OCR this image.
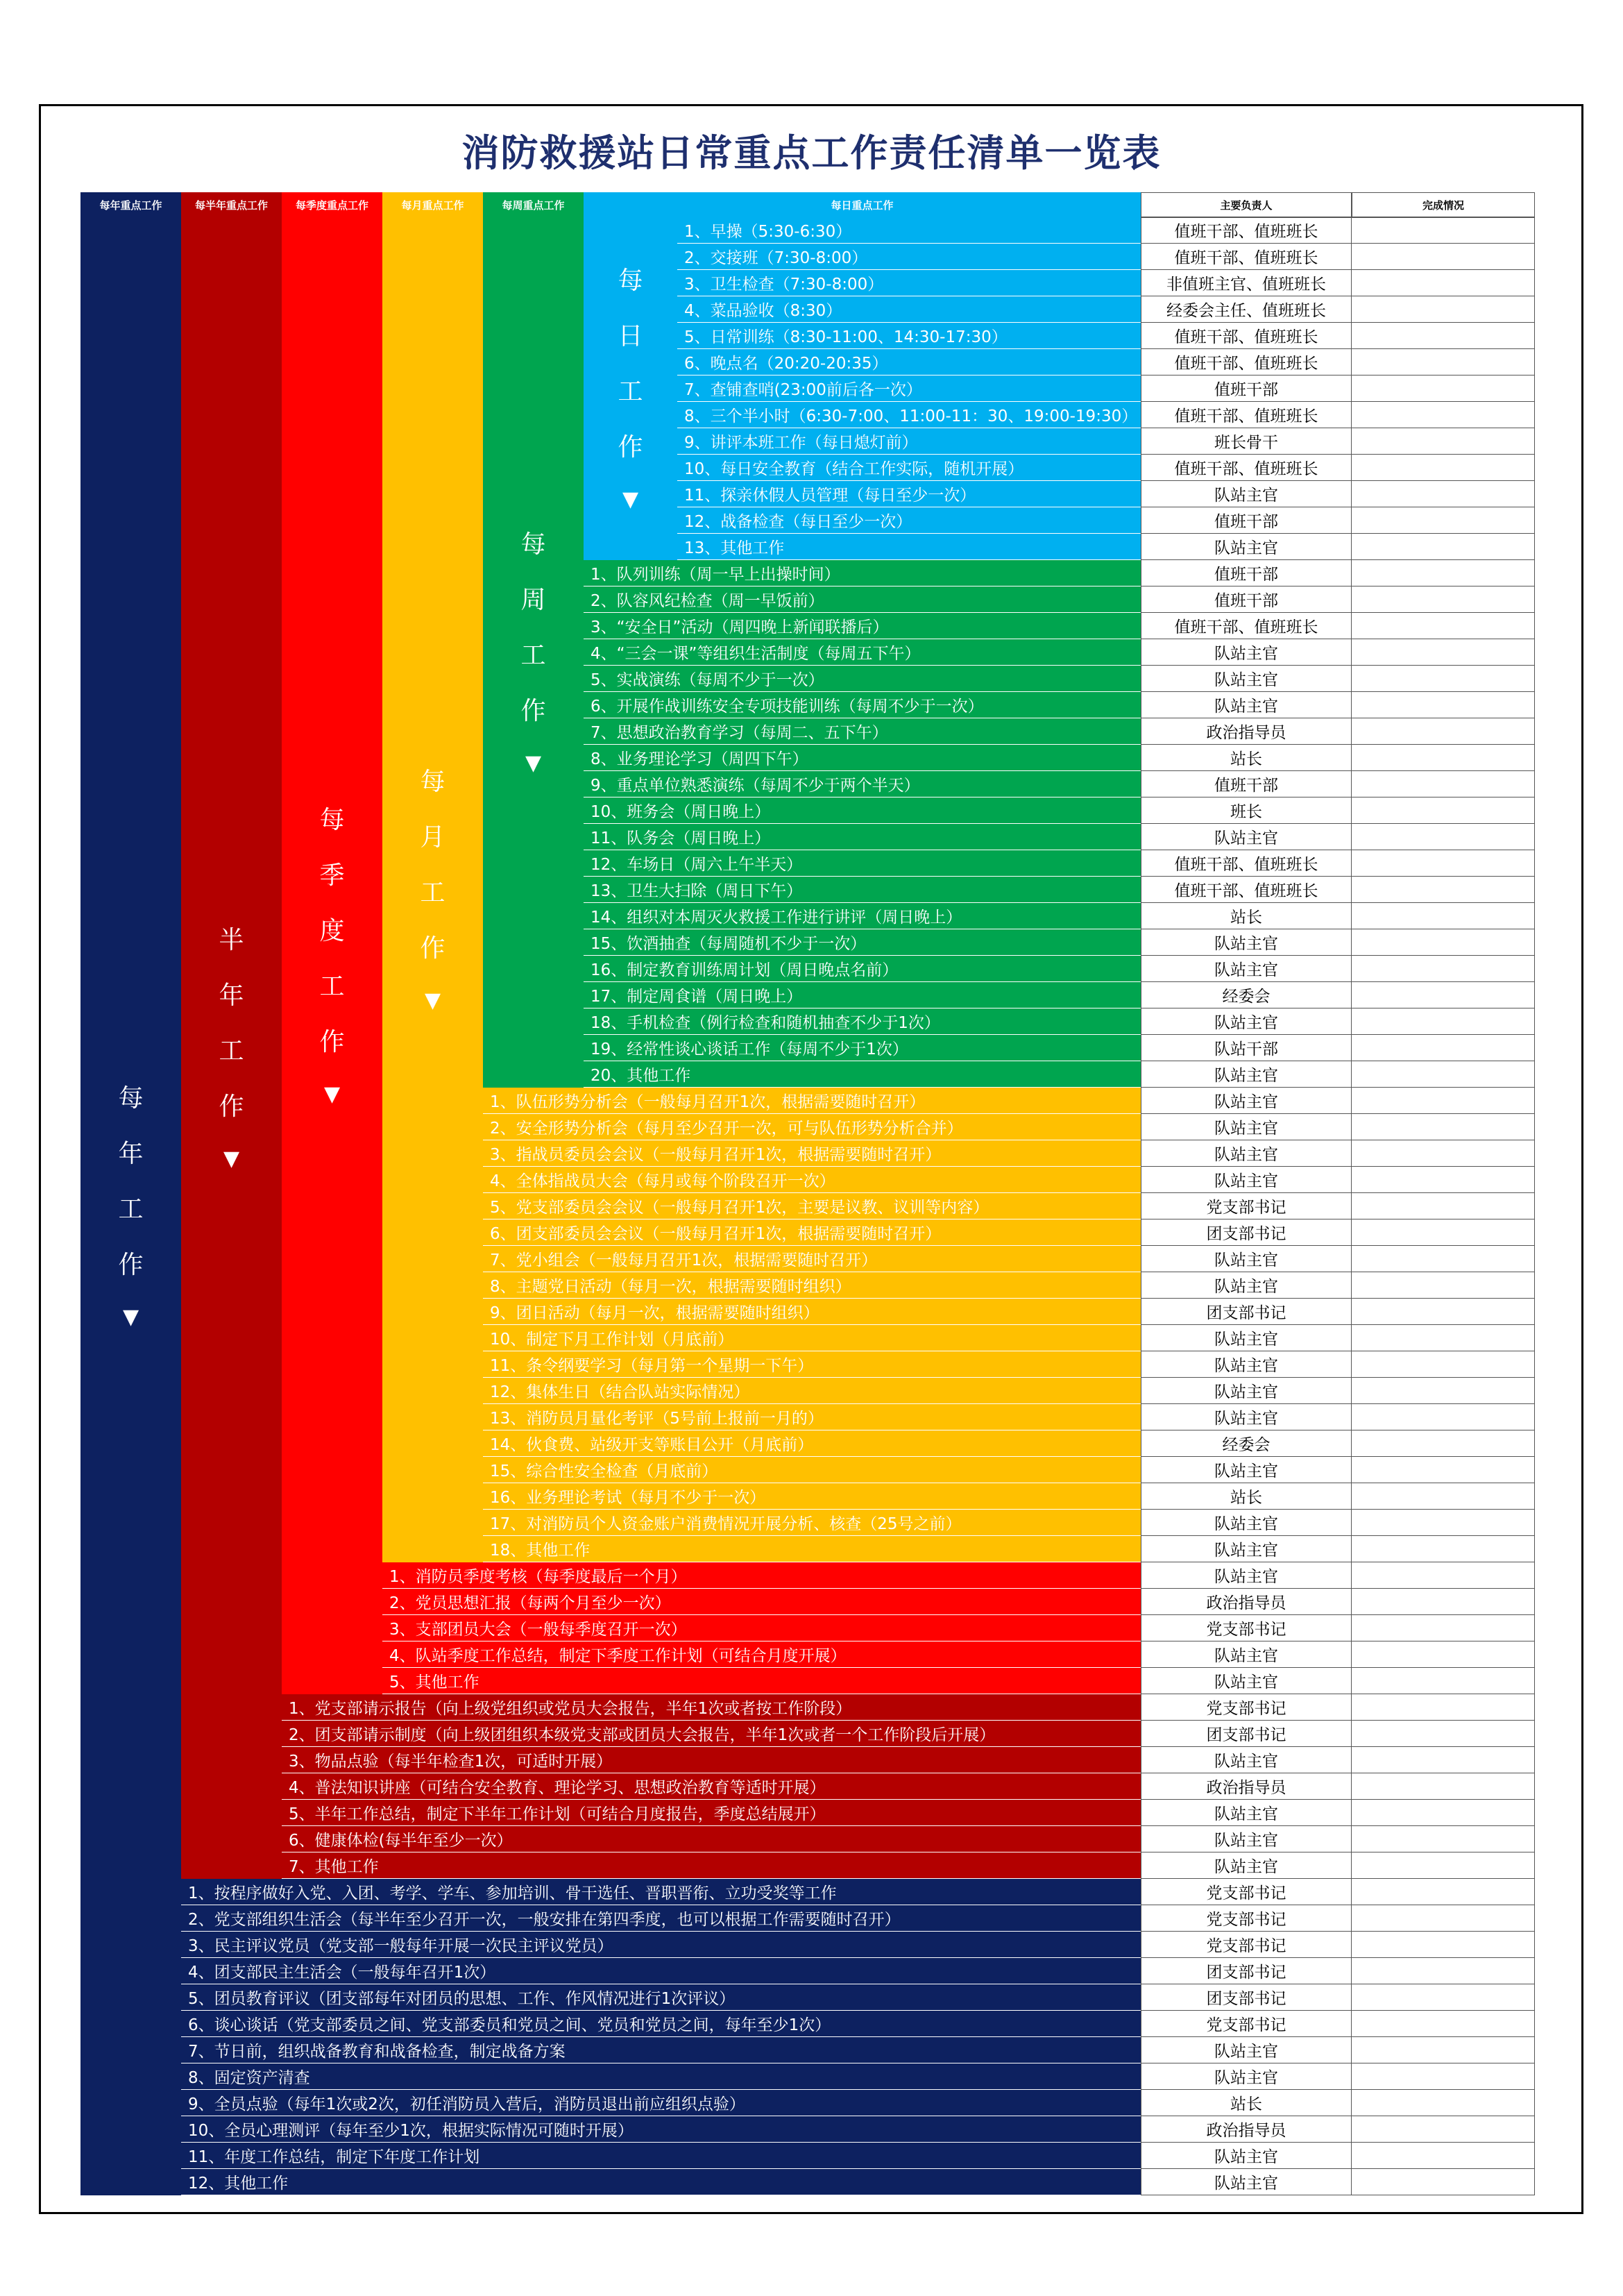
消防救援站日常重点工作责任清单一览表
每年重点工作	每半年重点工作	每季度重点工作	每月重点工作	每周重点工作	每日重点工作	主要负责人	完成情况
1、早操（5:30-6:30）	值班干部、值班班长
2、交接班（7:30-8:00）	值班干部、值班班长
3、卫生检查（7:30-8:00）	非值班主官、值班班长
4、菜品验收（8:30）	经委会主任、值班班长
5、日常训练（8:30-11:00、14:30-17:30）	值班干部、值班班长
6、晚点名（20:20-20:35）	值班干部、值班班长
7、查铺查哨(23:00前后各一次）	值班干部
8、三个半小时（6:30-7:00、11:00-11：30、19:00-19:30）	值班干部、值班班长
9、讲评本班工作（每日熄灯前）	班长骨干
10、每日安全教育（结合工作实际，随机开展）	值班干部、值班班长
11、探亲休假人员管理（每日至少一次）	队站主官
12、战备检查（每日至少一次）	值班干部
13、其他工作	队站主官
1、队列训练（周一早上出操时间）	值班干部
2、队容风纪检查（周一早饭前）	值班干部
3、“安全日”活动（周四晚上新闻联播后）	值班干部、值班班长
4、“三会一课”等组织生活制度（每周五下午）	队站主官
5、实战演练（每周不少于一次）	队站主官
6、开展作战训练安全专项技能训练（每周不少于一次）	队站主官
7、思想政治教育学习（每周二、五下午）	政治指导员
8、业务理论学习（周四下午）	站长
9、重点单位熟悉演练（每周不少于两个半天）	值班干部
10、班务会（周日晚上）	班长
11、队务会（周日晚上）	队站主官
12、车场日（周六上午半天）	值班干部、值班班长
13、卫生大扫除（周日下午）	值班干部、值班班长
14、组织对本周灭火救援工作进行讲评（周日晚上）	站长
15、饮酒抽查（每周随机不少于一次）	队站主官
16、制定教育训练周计划（周日晚点名前）	队站主官
17、制定周食谱（周日晚上）	经委会
18、手机检查（例行检查和随机抽查不少于1次）	队站主官
19、经常性谈心谈话工作（每周不少于1次）	队站干部
20、其他工作	队站主官
1、队伍形势分析会（一般每月召开1次，根据需要随时召开）	队站主官
2、安全形势分析会（每月至少召开一次，可与队伍形势分析合并）	队站主官
3、指战员委员会会议（一般每月召开1次，根据需要随时召开）	队站主官
4、全体指战员大会（每月或每个阶段召开一次）	队站主官
5、党支部委员会会议（一般每月召开1次，主要是议教、议训等内容）	党支部书记
6、团支部委员会会议（一般每月召开1次，根据需要随时召开）	团支部书记
7、党小组会（一般每月召开1次，根据需要随时召开）	队站主官
8、主题党日活动（每月一次，根据需要随时组织）	队站主官
9、团日活动（每月一次，根据需要随时组织）	团支部书记
10、制定下月工作计划（月底前）	队站主官
11、条令纲要学习（每月第一个星期一下午）	队站主官
12、集体生日（结合队站实际情况）	队站主官
13、消防员月量化考评（5号前上报前一月的）	队站主官
14、伙食费、站级开支等账目公开（月底前）	经委会
15、综合性安全检查（月底前）	队站主官
16、业务理论考试（每月不少于一次）	站长
17、对消防员个人资金账户消费情况开展分析、核查（25号之前）	队站主官
18、其他工作	队站主官
1、消防员季度考核（每季度最后一个月）	队站主官
2、党员思想汇报（每两个月至少一次）	政治指导员
3、支部团员大会（一般每季度召开一次）	党支部书记
4、队站季度工作总结，制定下季度工作计划（可结合月度开展）	队站主官
5、其他工作	队站主官
1、党支部请示报告（向上级党组织或党员大会报告，半年1次或者按工作阶段）	党支部书记
2、团支部请示制度（向上级团组织本级党支部或团员大会报告，半年1次或者一个工作阶段后开展）	团支部书记
3、物品点验（每半年检查1次，可适时开展）	队站主官
4、普法知识讲座（可结合安全教育、理论学习、思想政治教育等适时开展）	政治指导员
5、半年工作总结，制定下半年工作计划（可结合月度报告，季度总结展开）	队站主官
6、健康体检(每半年至少一次）	队站主官
7、其他工作	队站主官
1、按程序做好入党、入团、考学、学车、参加培训、骨干选任、晋职晋衔、立功受奖等工作	党支部书记
2、党支部组织生活会（每半年至少召开一次，一般安排在第四季度，也可以根据工作需要随时召开）	党支部书记
3、民主评议党员（党支部一般每年开展一次民主评议党员）	党支部书记
4、团支部民主生活会（一般每年召开1次）	团支部书记
5、团员教育评议（团支部每年对团员的思想、工作、作风情况进行1次评议）	团支部书记
6、谈心谈话（党支部委员之间、党支部委员和党员之间、党员和党员之间，每年至少1次）	党支部书记
7、节日前，组织战备教育和战备检查，制定战备方案	队站主官
8、固定资产清查	队站主官
9、全员点验（每年1次或2次，初任消防员入营后，消防员退出前应组织点验）	站长
10、全员心理测评（每年至少1次，根据实际情况可随时开展）	政治指导员
11、年度工作总结，制定下年度工作计划	队站主官
12、其他工作	队站主官
每
日
工
作
▼
每
周
工
作
▼
每
月
工
作
▼
每
季
度
工
作
▼
半
年
工
作
▼
每
年
工
作
▼
